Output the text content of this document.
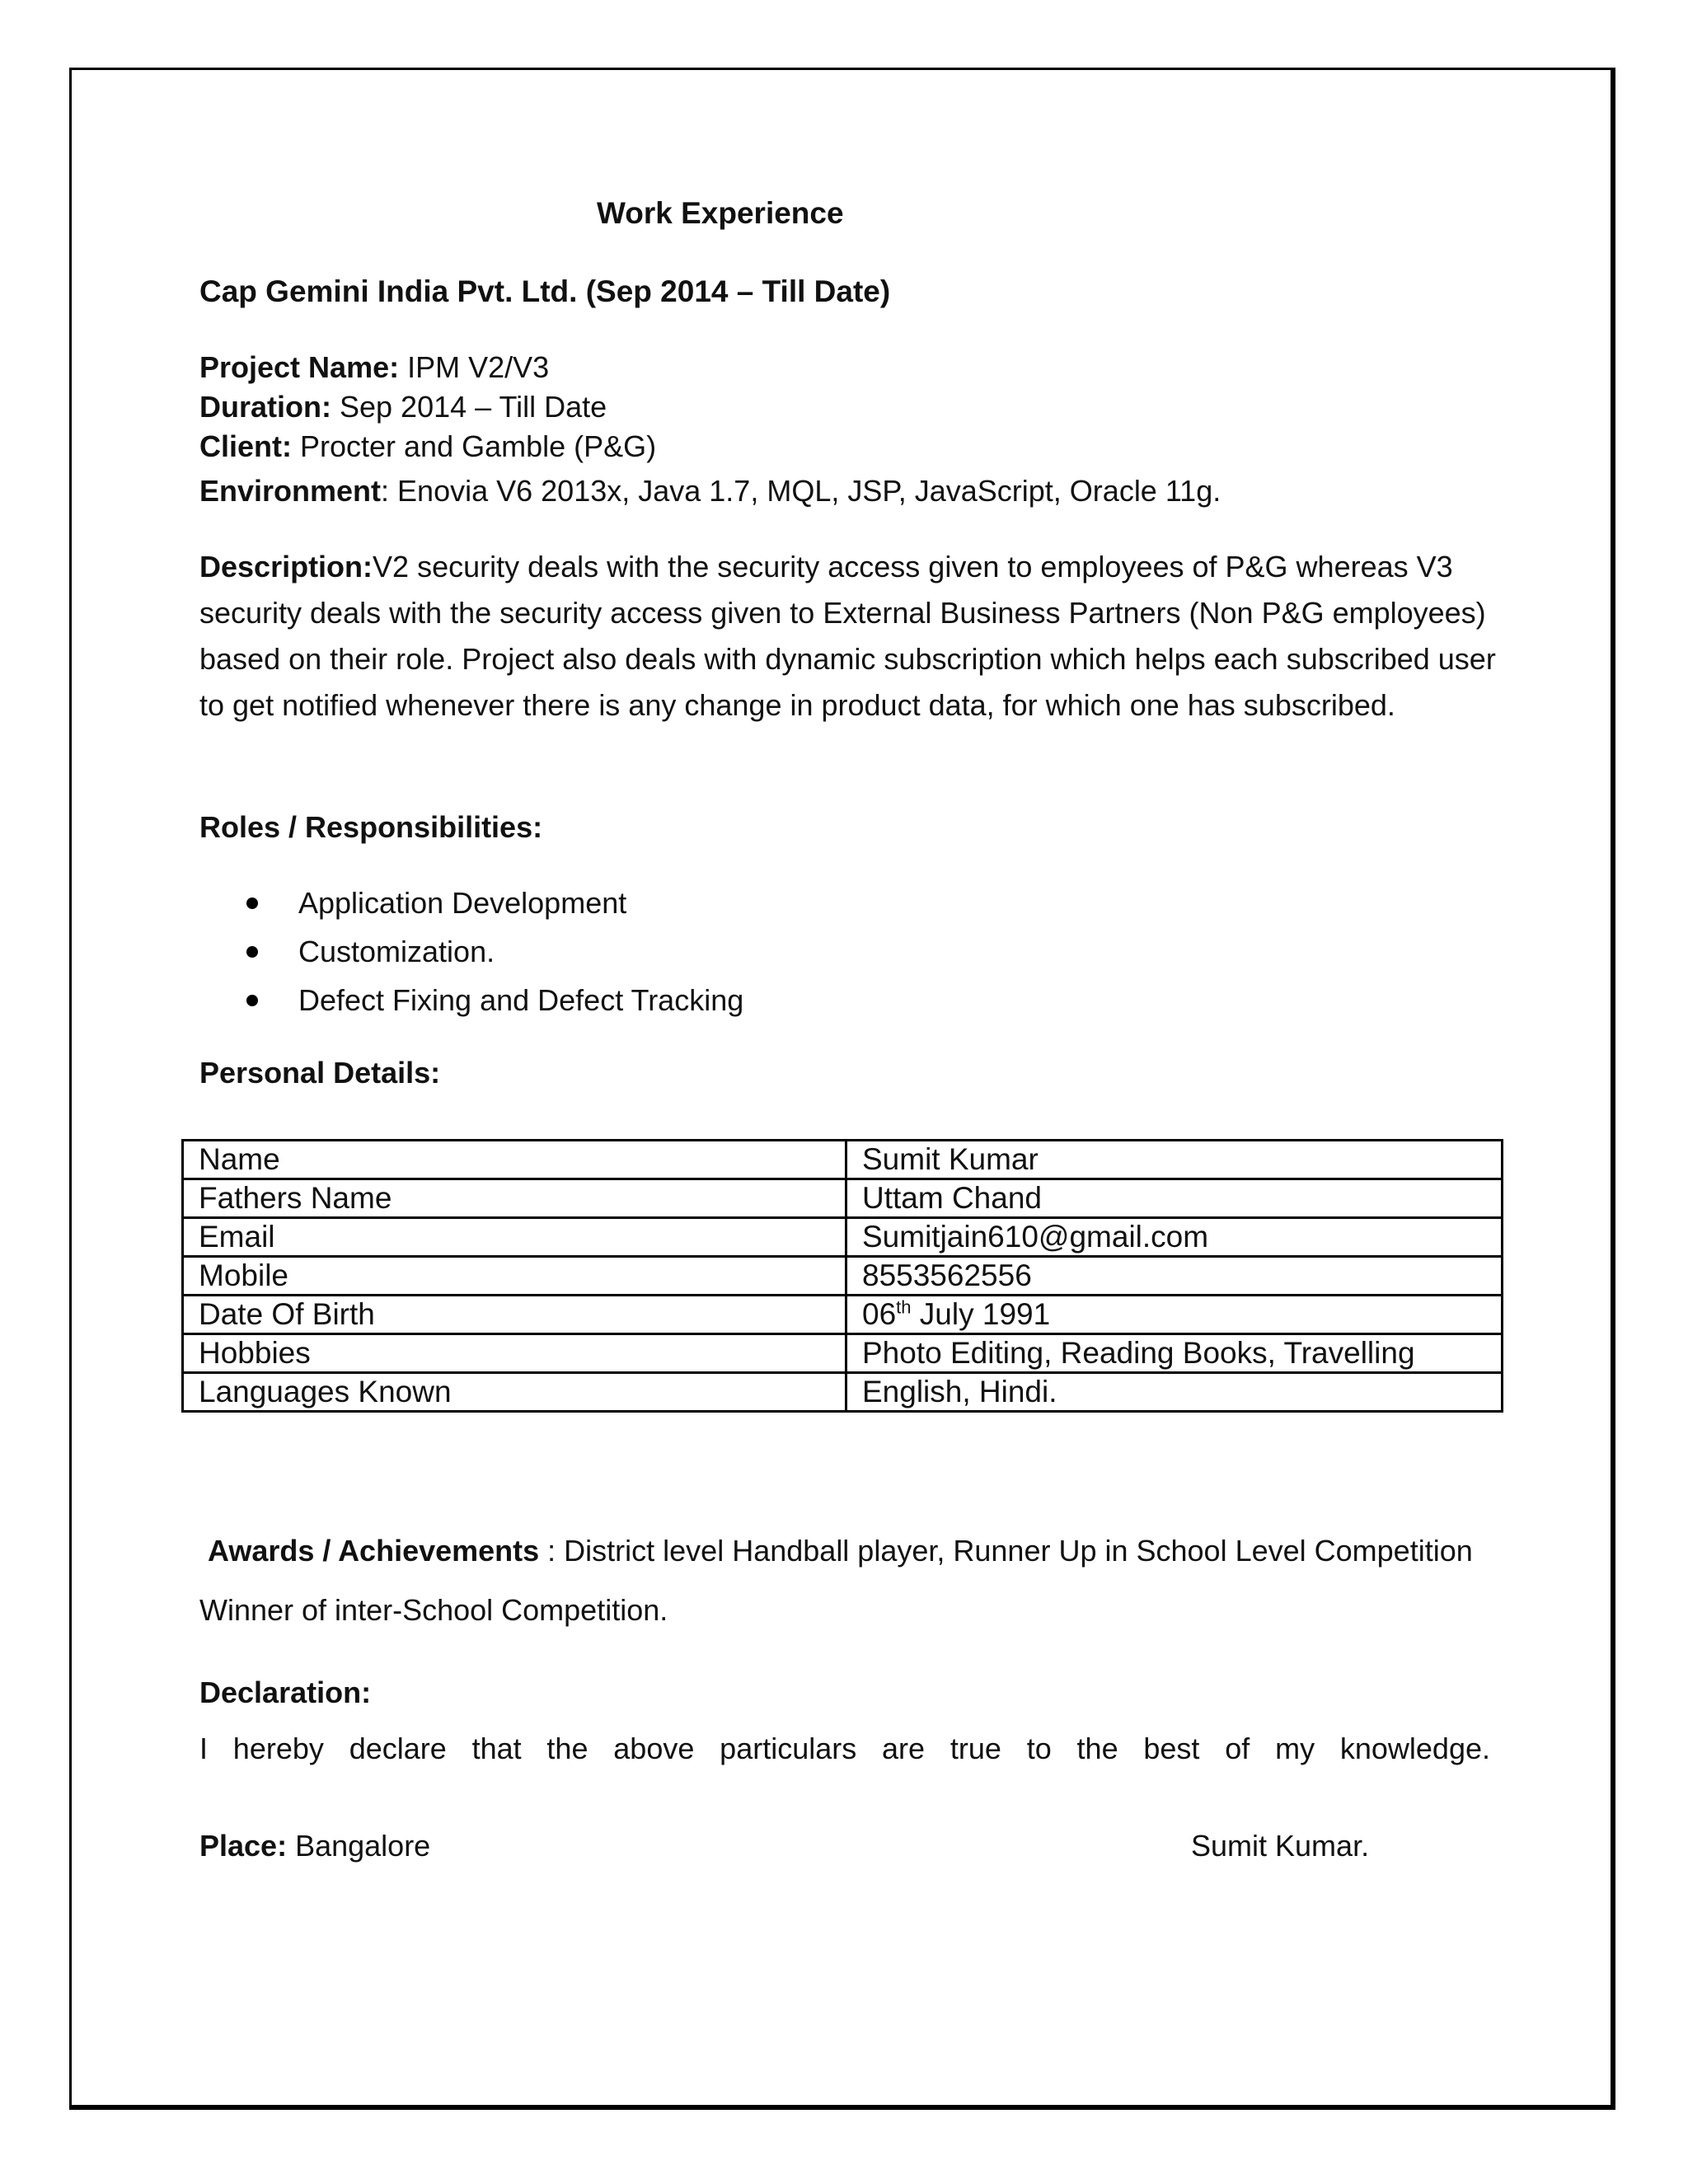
Work Experience
Cap Gemini India Pvt. Ltd. (Sep 2014 – Till Date)
Project Name: IPM V2/V3
Duration: Sep 2014 – Till Date
Client: Procter and Gamble (P&G)
Environment: Enovia V6 2013x, Java 1.7, MQL, JSP, JavaScript, Oracle 11g.
Description:V2 security deals with the security access given to employees of P&G whereas V3 security deals with the security access given to External Business Partners (Non P&G employees) based on their role. Project also deals with dynamic subscription which helps each subscribed user to get notified whenever there is any change in product data, for which one has subscribed.
Roles / Responsibilities:
Application Development
Customization.
Defect Fixing and Defect Tracking
Personal Details:
Name	Sumit Kumar
Fathers Name	Uttam Chand
Email	Sumitjain610@gmail.com
Mobile	8553562556
Date Of Birth	06th July 1991
Hobbies	Photo Editing, Reading Books, Travelling
Languages Known	English, Hindi.
Awards / Achievements : District level Handball player, Runner Up in School Level Competition Winner of inter-School Competition.
Declaration:
I hereby declare that the above particulars are true to the best of my knowledge.
Place: Bangalore	Sumit Kumar.
